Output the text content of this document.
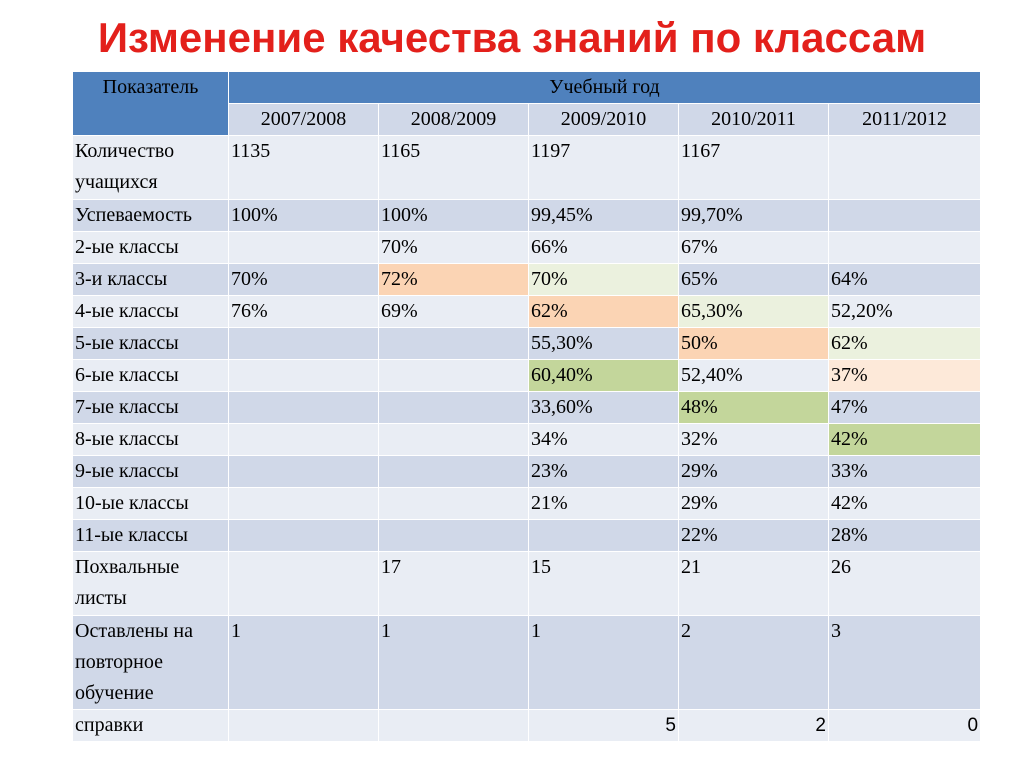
Изменение качества знаний по классам
Показатель	Учебный год				
	2007/2008	2008/2009	2009/2010	2010/2011	2011/2012
Количество учащихся	1135	1165	1197	1167	
Успеваемость	100%	100%	99,45%	99,70%	
2-ые классы		70%	66%	67%	
3-и классы	70%	72%	70%	65%	64%
4-ые классы	76%	69%	62%	65,30%	52,20%
5-ые классы			55,30%	50%	62%
6-ые классы			60,40%	52,40%	37%
7-ые классы			33,60%	48%	47%
8-ые классы			34%	32%	42%
9-ые классы			23%	29%	33%
10-ые классы			21%	29%	42%
11-ые классы				22%	28%
Похвальные листы		17	15	21	26
Оставлены на повторное обучение	1	1	1	2	3
справки			5	2	0
